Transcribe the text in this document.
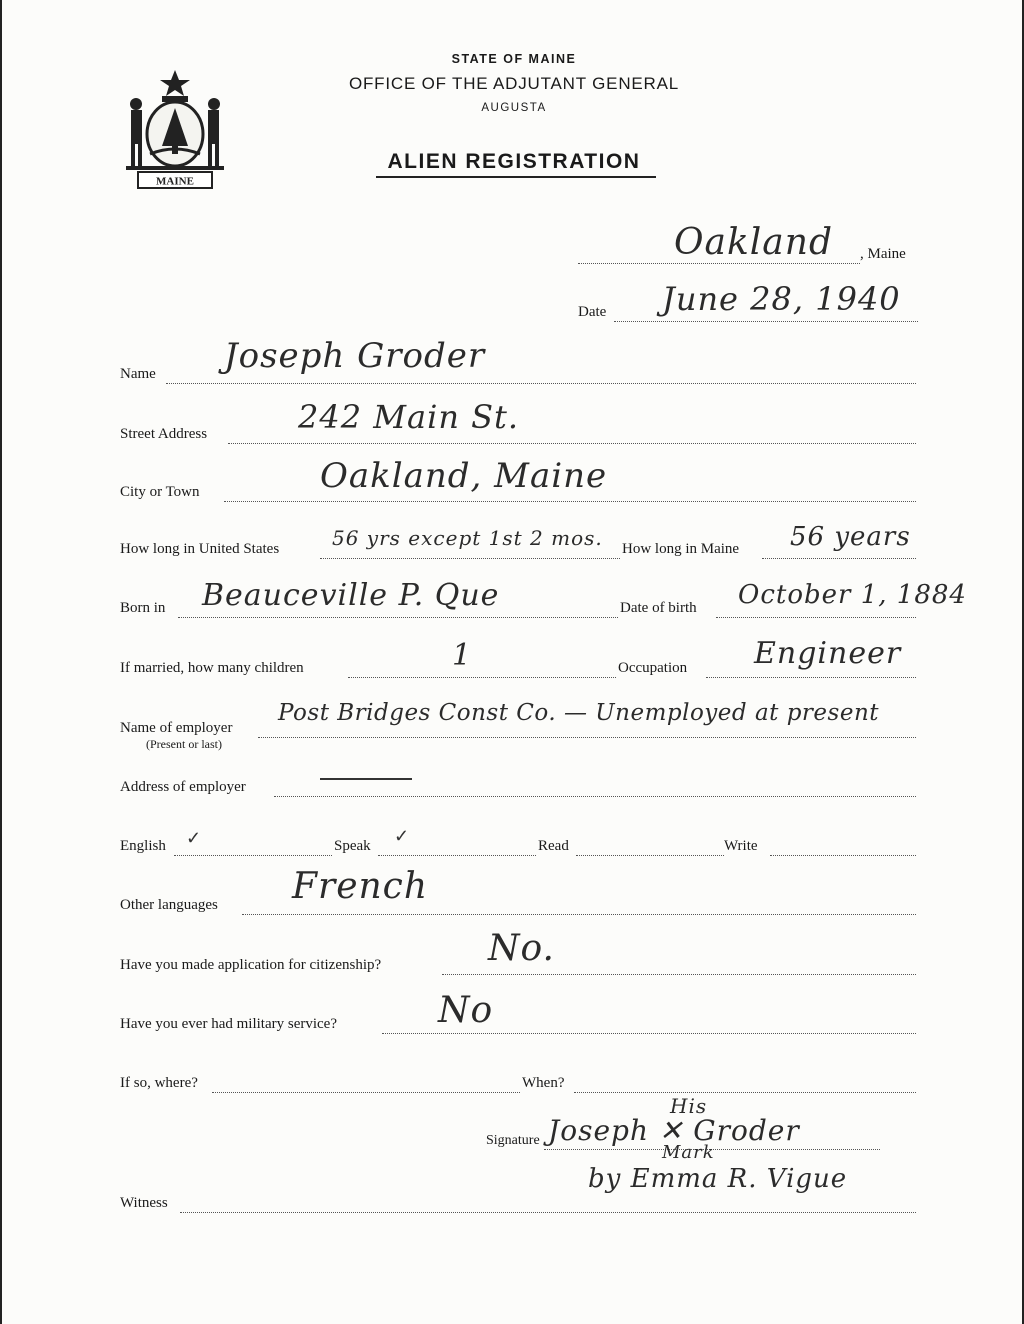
MAINE
STATE OF MAINE
OFFICE OF THE ADJUTANT GENERAL
AUGUSTA
ALIEN REGISTRATION
Oakland , Maine
Date June 28, 1940
Name Joseph Groder
Street Address	242 Main St.
City or Town	Oakland, Maine
How long in United States	56 yrs except 1st 2 mos. How long in Maine 56 years
Born in Beauceville P. Que	Date of birth October 1, 1884
If married, how many children	1	Occupation Engineer
Name of employer
(Present or last)
Post Bridges Const Co. — Unemployed at present
Address of employer
English ✓	Speak ✓	Read	Write
Other languages French
Have you made application for citizenship?	No.
Have you ever had military service?	No
If so, where?	When?
His
Signature Joseph ✕ Groder
Mark
by Emma R. Vigue
Witness
